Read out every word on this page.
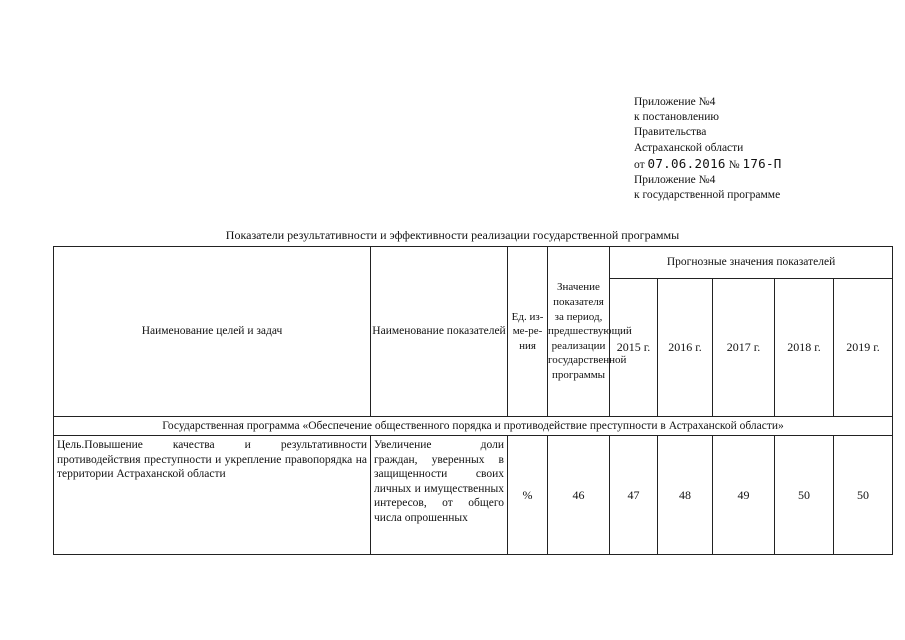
Приложение №4
к постановлению
Правительства
Астраханской области
от 07.06.2016 № 176-П
Приложение №4
к государственной программе
Показатели результативности и эффективности реализации государственной программы
Наименование целей и задач	Наименование показателей	Ед. из-ме-ре-ния	Значение показателя за период, предшествующий реализации государственной программы	Прогнозные значения показателей				
				2015 г.	2016 г.	2017 г.	2018 г.	2019 г.
Государственная программа «Обеспечение общественного порядка и противодействие преступности в Астраханской области»								
Цель.Повышение качества и результативности противодействия преступности и укрепление правопорядка на территории Астраханской области	Увеличение доли граждан, уверенных в защищенности своих личных и имущественных интересов, от общего числа опрошенных	%	46	47	48	49	50	50
